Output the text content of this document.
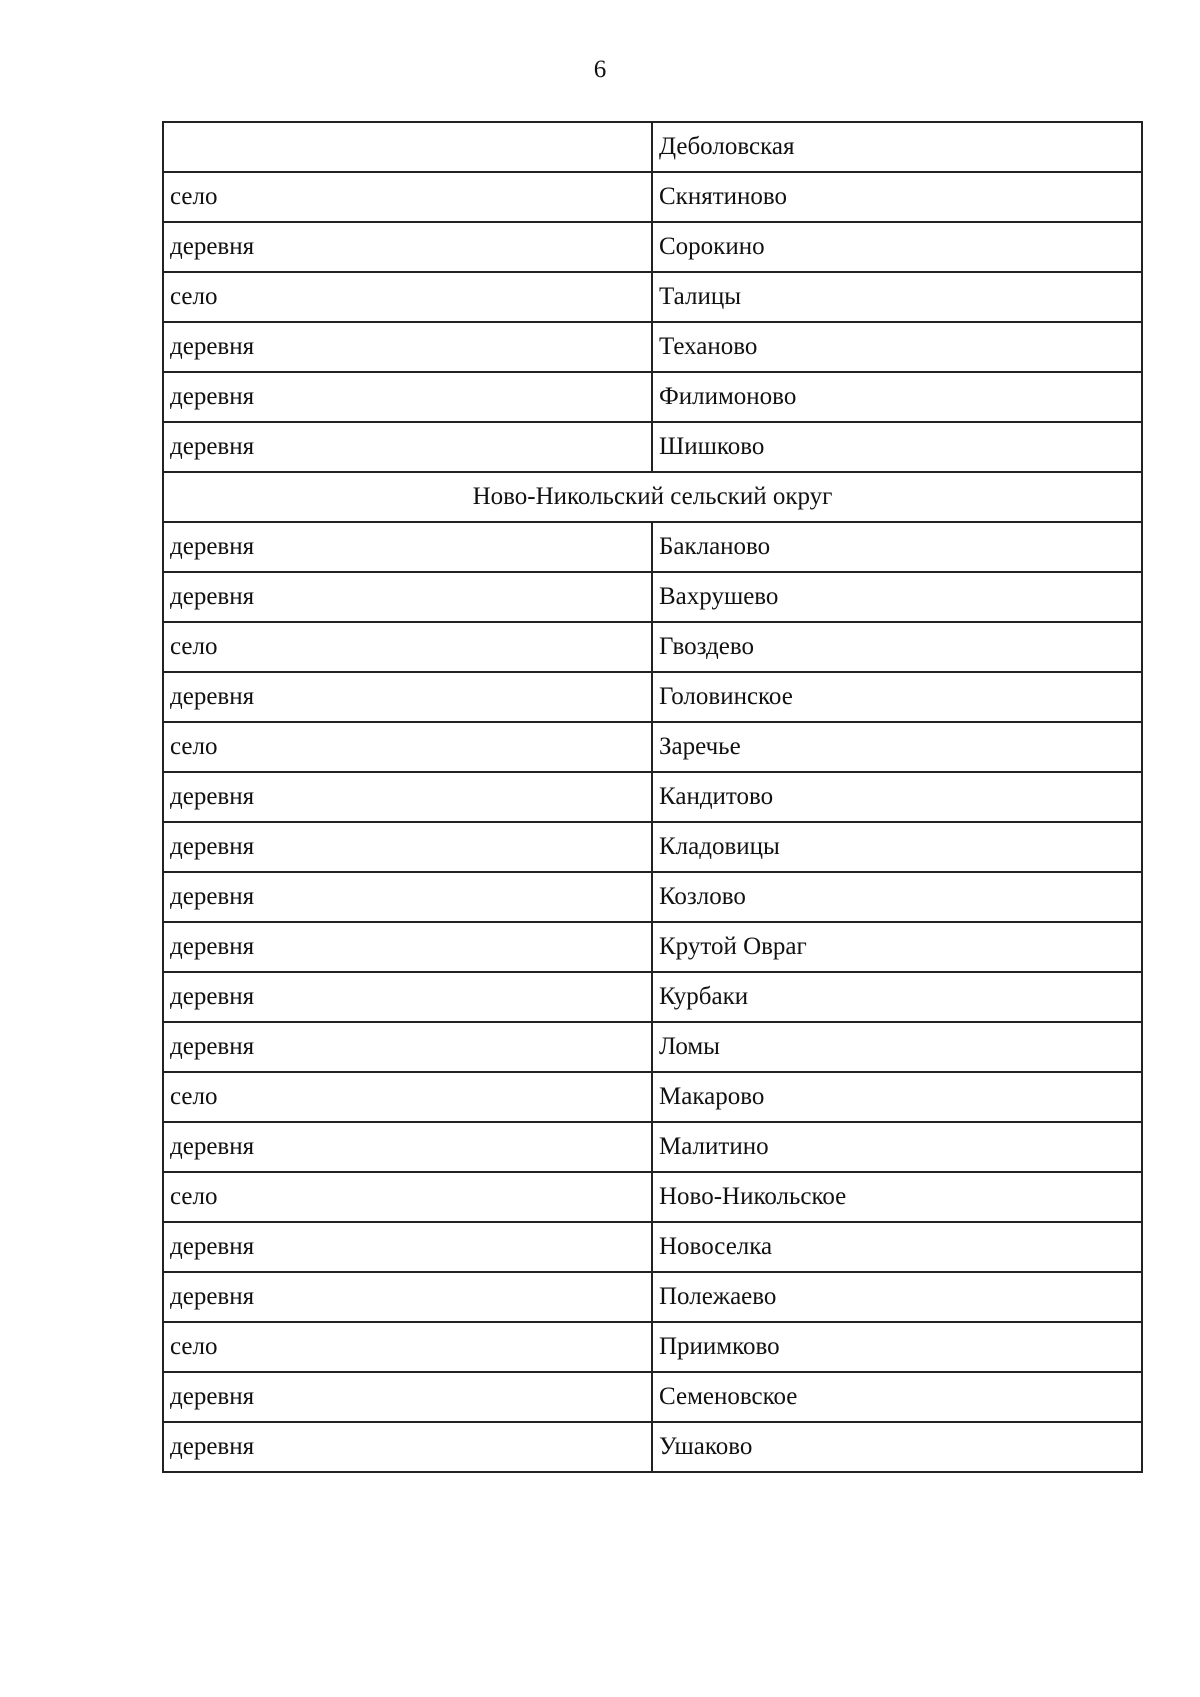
6
	Деболовская
село	Скнятиново
деревня	Сорокино
село	Талицы
деревня	Теханово
деревня	Филимоново
деревня	Шишково
Ново-Никольский сельский округ	
деревня	Бакланово
деревня	Вахрушево
село	Гвоздево
деревня	Головинское
село	Заречье
деревня	Кандитово
деревня	Кладовицы
деревня	Козлово
деревня	Крутой Овраг
деревня	Курбаки
деревня	Ломы
село	Макарово
деревня	Малитино
село	Ново-Никольское
деревня	Новоселка
деревня	Полежаево
село	Приимково
деревня	Семеновское
деревня	Ушаково
